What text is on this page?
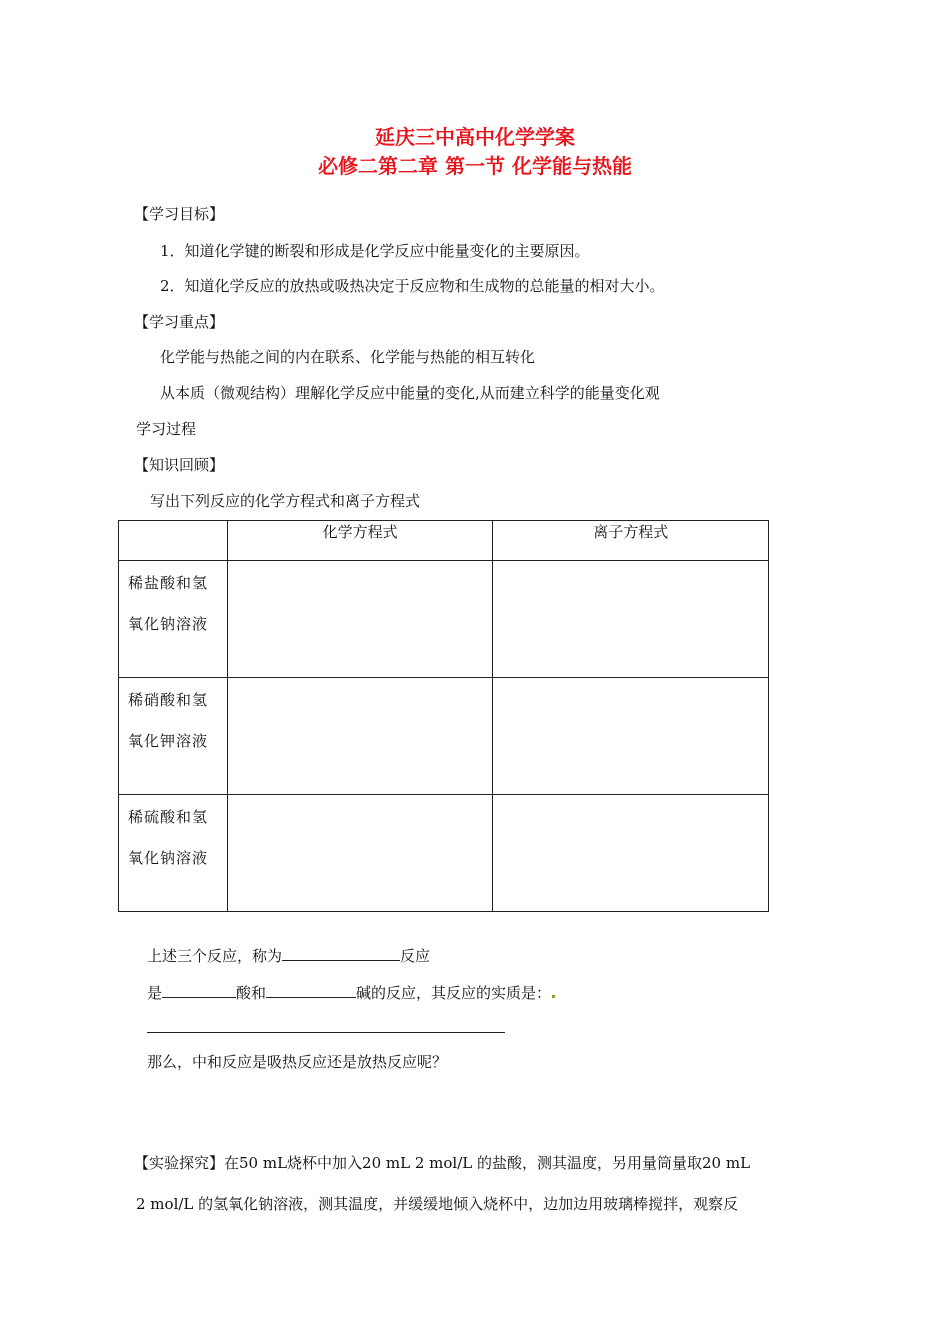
延庆三中高中化学学案
必修二第二章 第一节 化学能与热能
【学习目标】
1．知道化学键的断裂和形成是化学反应中能量变化的主要原因。
2．知道化学反应的放热或吸热决定于反应物和生成物的总能量的相对大小。
【学习重点】
化学能与热能之间的内在联系、化学能与热能的相互转化
从本质（微观结构）理解化学反应中能量的变化,从而建立科学的能量变化观
学习过程
【知识回顾】
写出下列反应的化学方程式和离子方程式
	化学方程式	离子方程式

稀盐酸和氢
氧化钠溶液		

稀硝酸和氢
氧化钾溶液		

稀硫酸和氢
氧化钠溶液		

上述三个反应，称为	反应
是	酸和	碱的反应，其反应的实质是：
那么，中和反应是吸热反应还是放热反应呢？
【实验探究】在50 mL烧杯中加入20 mL 2 mol/L 的盐酸，测其温度，另用量筒量取20 mL
2 mol/L 的氢氧化钠溶液，测其温度，并缓缓地倾入烧杯中，边加边用玻璃棒搅拌，观察反
